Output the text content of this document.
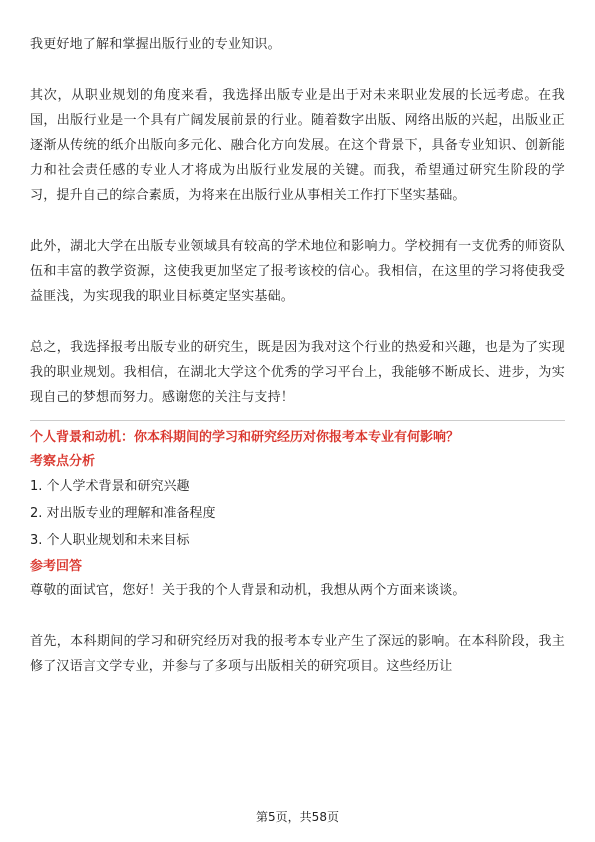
我更好地了解和掌握出版行业的专业知识。

其次，从职业规划的角度来看，我选择出版专业是出于对未来职业发展的长远考虑。在我国，出版行业是一个具有广阔发展前景的行业。随着数字出版、网络出版的兴起，出版业正逐渐从传统的纸介出版向多元化、融合化方向发展。在这个背景下，具备专业知识、创新能力和社会责任感的专业人才将成为出版行业发展的关键。而我，希望通过研究生阶段的学习，提升自己的综合素质，为将来在出版行业从事相关工作打下坚实基础。

此外，湖北大学在出版专业领域具有较高的学术地位和影响力。学校拥有一支优秀的师资队伍和丰富的教学资源，这使我更加坚定了报考该校的信心。我相信，在这里的学习将使我受益匪浅，为实现我的职业目标奠定坚实基础。

总之，我选择报考出版专业的研究生，既是因为我对这个行业的热爱和兴趣，也是为了实现我的职业规划。我相信，在湖北大学这个优秀的学习平台上，我能够不断成长、进步，为实现自己的梦想而努力。感谢您的关注与支持！

个人背景和动机：你本科期间的学习和研究经历对你报考本专业有何影响？

考察点分析

1. 个人学术背景和研究兴趣
2. 对出版专业的理解和准备程度
3. 个人职业规划和未来目标

参考回答

尊敬的面试官，您好！关于我的个人背景和动机，我想从两个方面来谈谈。

首先，本科期间的学习和研究经历对我的报考本专业产生了深远的影响。在本科阶段，我主修了汉语言文学专业，并参与了多项与出版相关的研究项目。这些经历让

第5页，共58页
